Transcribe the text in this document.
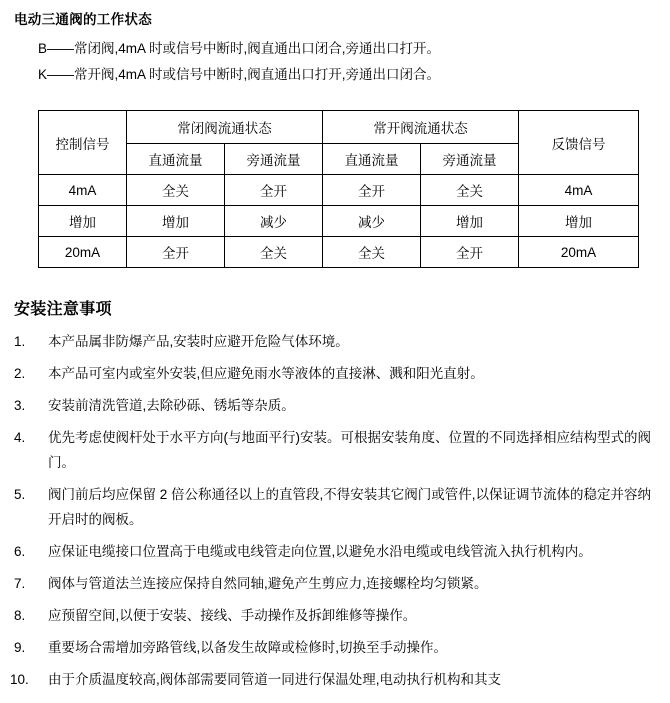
电动三通阀的工作状态
B——常闭阀,4mA 时或信号中断时,阀直通出口闭合,旁通出口打开。
K——常开阀,4mA 时或信号中断时,阀直通出口打开,旁通出口闭合。
控制信号	常闭阀流通状态		常开阀流通状态		反馈信号
	直通流量	旁通流量	直通流量	旁通流量	
4mA	全关	全开	全开	全关	4mA
增加	增加	减少	减少	增加	增加
20mA	全开	全关	全关	全开	20mA
安装注意事项
1.	本产品属非防爆产品,安装时应避开危险气体环境。
2.	本产品可室内或室外安装,但应避免雨水等液体的直接淋、溅和阳光直射。
3.	安装前清洗管道,去除砂砾、锈垢等杂质。
4.	优先考虑使阀杆处于水平方向(与地面平行)安装。可根据安装角度、位置的不同选择相应结构型式的阀门。
5.	阀门前后均应保留 2 倍公称通径以上的直管段,不得安装其它阀门或管件,以保证调节流体的稳定并容纳开启时的阀板。
6.	应保证电缆接口位置高于电缆或电线管走向位置,以避免水沿电缆或电线管流入执行机构内。
7.	阀体与管道法兰连接应保持自然同轴,避免产生剪应力,连接螺栓均匀锁紧。
8.	应预留空间,以便于安装、接线、手动操作及拆卸维修等操作。
9.	重要场合需增加旁路管线,以备发生故障或检修时,切换至手动操作。
10.	由于介质温度较高,阀体部需要同管道一同进行保温处理,电动执行机构和其支
